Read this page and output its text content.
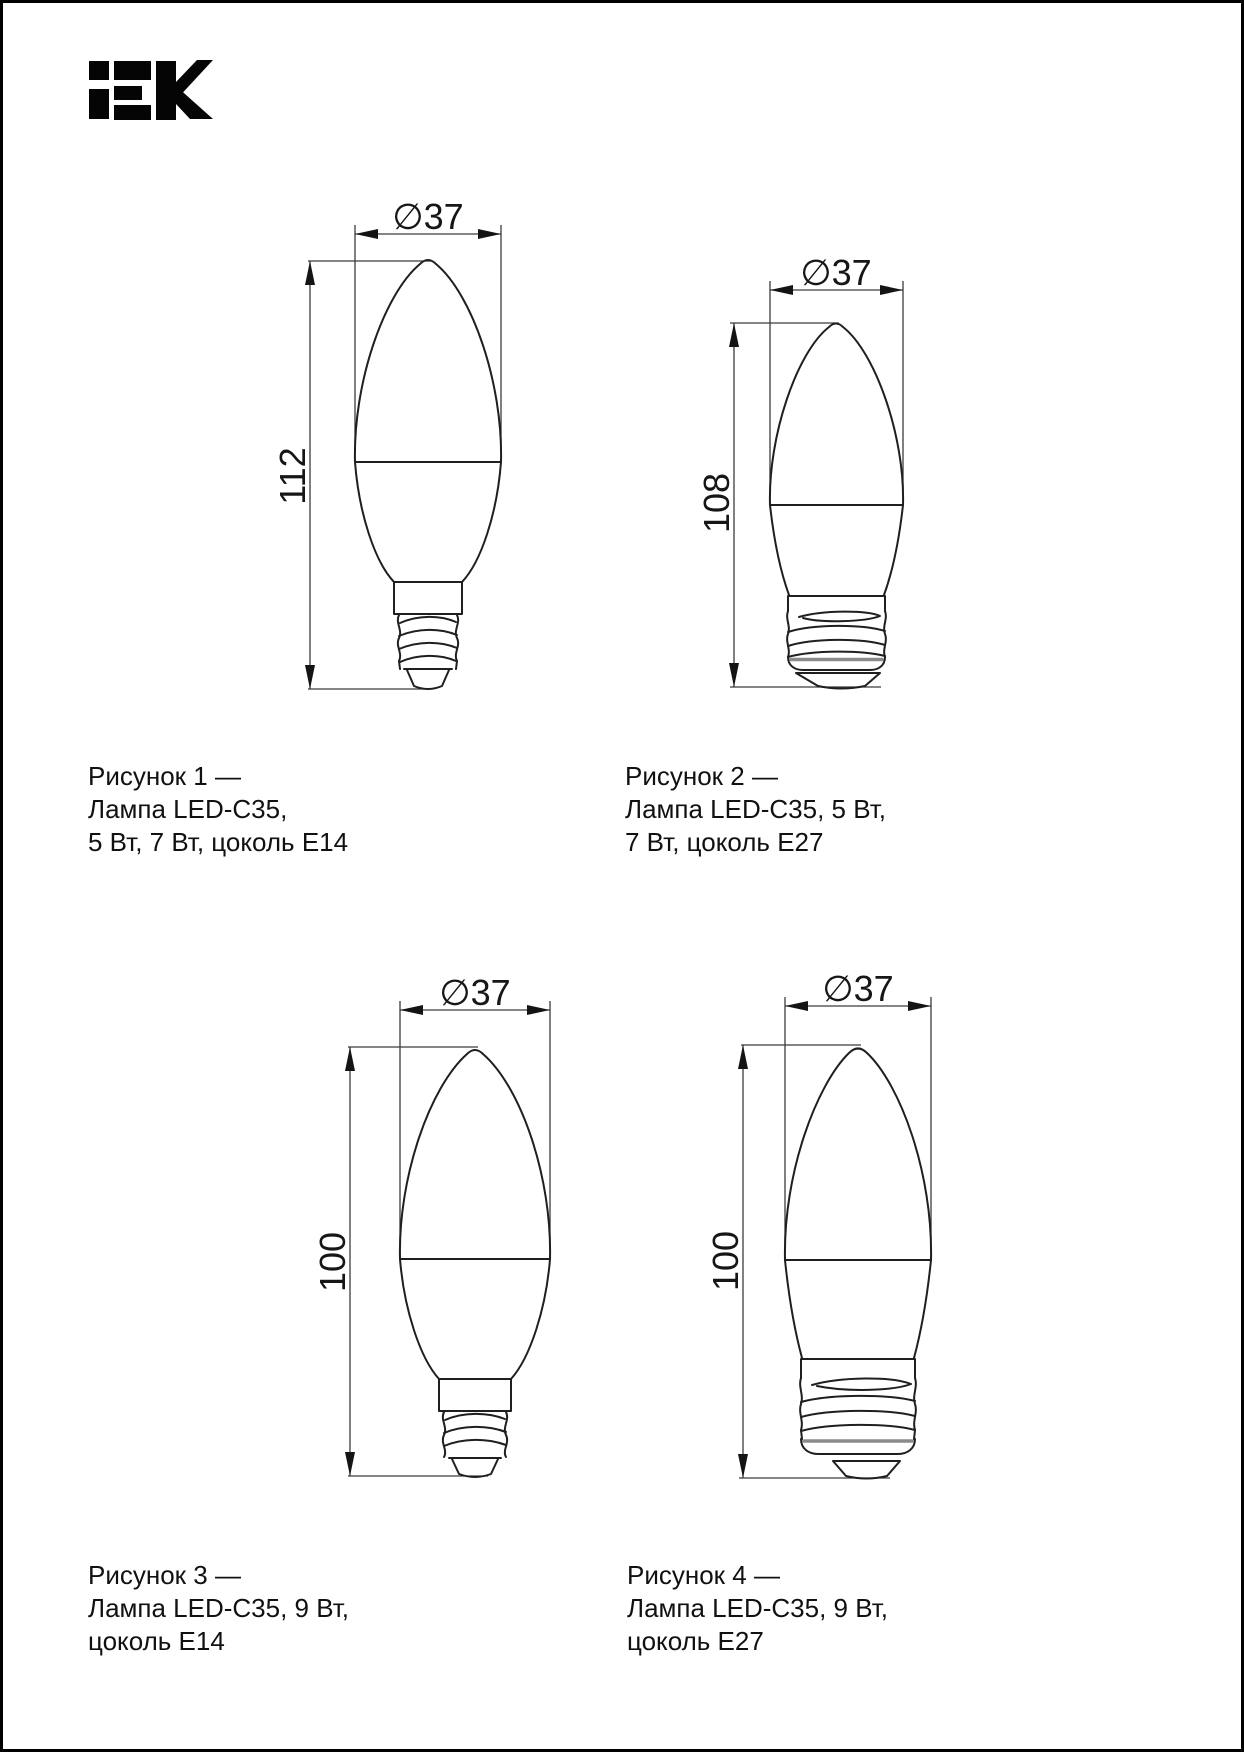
∅37
112
∅37
108
∅37
100
∅37
100
Рисунок 1 —
Лампа LED-C35,
5 Вт, 7 Вт, цоколь E14
Рисунок 2 —
Лампа LED-C35, 5 Вт,
7 Вт, цоколь E27
Рисунок 3 —
Лампа LED-C35, 9 Вт,
цоколь E14
Рисунок 4 —
Лампа LED-C35, 9 Вт,
цоколь E27
